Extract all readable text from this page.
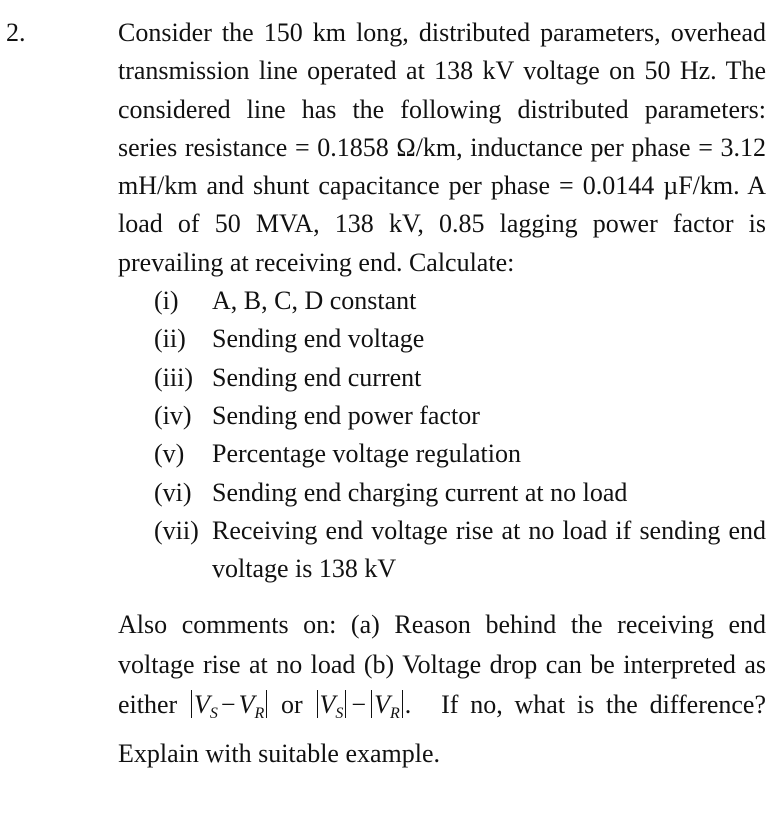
2.	Consider the 150 km long, distributed parameters, overhead transmission line operated at 138 kV voltage on 50 Hz. The considered line has the following distributed parameters: series resistance = 0.1858 Ω/km, inductance per phase = 3.12 mH/km and shunt capacitance per phase = 0.0144 µF/km. A load of 50 MVA, 138 kV, 0.85 lagging power factor is prevailing at receiving end. Calculate:

(i)	A, B, C, D constant
(ii)	Sending end voltage
(iii) Sending end current
(iv) Sending end power factor
(v)	Percentage voltage regulation
(vi) Sending end charging current at no load
(vii) Receiving end voltage rise at no load if sending end voltage is 138 kV

Also comments on: (a) Reason behind the receiving end voltage rise at no load (b) Voltage drop can be interpreted as either $V_S - V_R$ or $V_S - V_R$ . If no, what is the difference? Explain with suitable example.
